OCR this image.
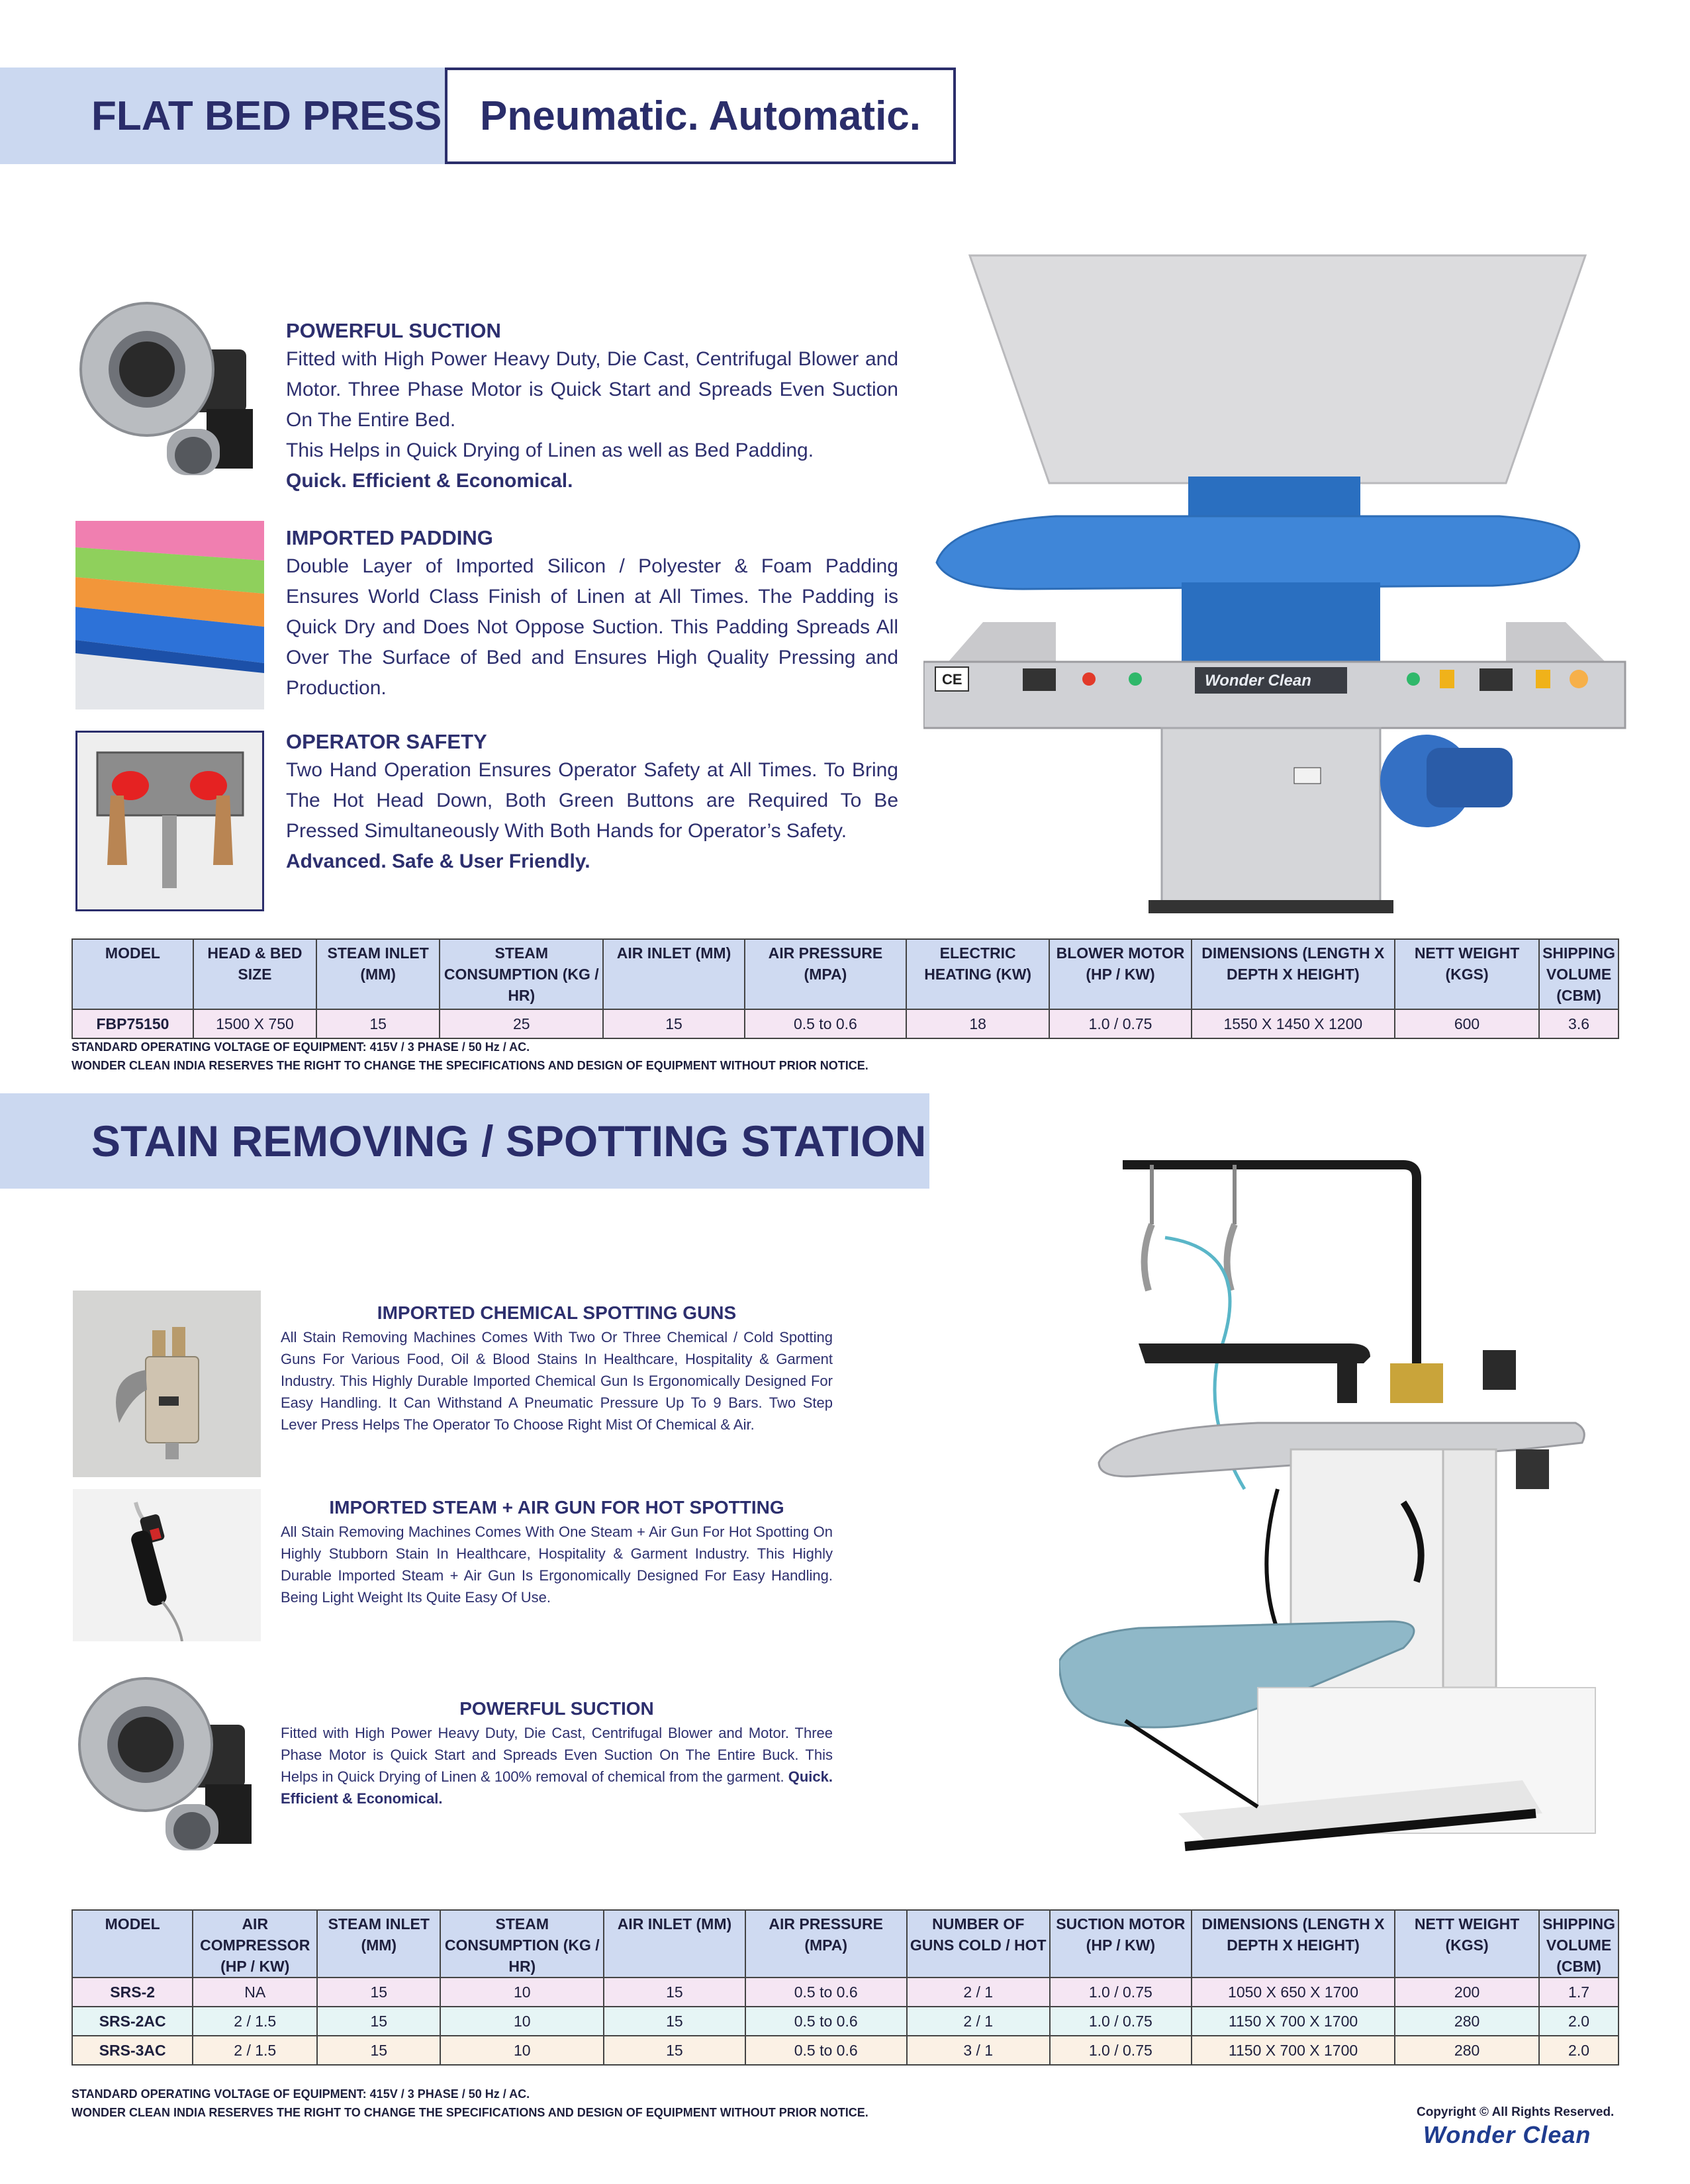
FLAT BED PRESS Pneumatic. Automatic.
POWERFUL SUCTION
Fitted with High Power Heavy Duty, Die Cast, Centrifugal Blower and Motor. Three Phase Motor is Quick Start and Spreads Even Suction On The Entire Bed.
This Helps in Quick Drying of Linen as well as Bed Padding.
Quick. Efficient & Economical.
IMPORTED PADDING
Double Layer of Imported Silicon / Polyester & Foam Padding Ensures World Class Finish of Linen at All Times. The Padding is Quick Dry and Does Not Oppose Suction. This Padding Spreads All Over The Surface of Bed and Ensures High Quality Pressing and Production.
OPERATOR SAFETY
Two Hand Operation Ensures Operator Safety at All Times. To Bring The Hot Head Down, Both Green Buttons are Required To Be Pressed Simultaneously With Both Hands for Operator’s Safety.
Advanced. Safe & User Friendly.
CE	Wonder Clean
MODEL	HEAD & BED SIZE	STEAM INLET (MM)	STEAM CONSUMPTION (KG / HR)	AIR INLET (MM)	AIR PRESSURE (MPA)	ELECTRIC HEATING (KW)	BLOWER MOTOR (HP / KW)	DIMENSIONS (LENGTH X DEPTH X HEIGHT)	NETT WEIGHT (KGS)	SHIPPING VOLUME (CBM)
FBP75150	1500 X 750	15	25	15	0.5 to 0.6	18	1.0 / 0.75	1550 X 1450 X 1200	600	3.6
STANDARD OPERATING VOLTAGE OF EQUIPMENT: 415V / 3 PHASE / 50 Hz / AC.
WONDER CLEAN INDIA RESERVES THE RIGHT TO CHANGE THE SPECIFICATIONS AND DESIGN OF EQUIPMENT WITHOUT PRIOR NOTICE.
STAIN REMOVING / SPOTTING STATION
IMPORTED CHEMICAL SPOTTING GUNS
All Stain Removing Machines Comes With Two Or Three Chemical / Cold Spotting Guns For Various Food, Oil & Blood Stains In Healthcare, Hospitality & Garment Industry. This Highly Durable Imported Chemical Gun Is Ergonomically Designed For Easy Handling. It Can Withstand A Pneumatic Pressure Up To 9 Bars. Two Step Lever Press Helps The Operator To Choose Right Mist Of Chemical & Air.
IMPORTED STEAM + AIR GUN FOR HOT SPOTTING
All Stain Removing Machines Comes With One Steam + Air Gun For Hot Spotting On Highly Stubborn Stain In Healthcare, Hospitality & Garment Industry. This Highly Durable Imported Steam + Air Gun Is Ergonomically Designed For Easy Handling. Being Light Weight Its Quite Easy Of Use.
POWERFUL SUCTION
Fitted with High Power Heavy Duty, Die Cast, Centrifugal Blower and Motor. Three Phase Motor is Quick Start and Spreads Even Suction On The Entire Buck. This Helps in Quick Drying of Linen & 100% removal of chemical from the garment. Quick. Efficient & Economical.
MODEL	AIR COMPRESSOR (HP / KW)	STEAM INLET (MM)	STEAM CONSUMPTION (KG / HR)	AIR INLET (MM)	AIR PRESSURE (MPA)	NUMBER OF GUNS COLD / HOT	SUCTION MOTOR (HP / KW)	DIMENSIONS (LENGTH X DEPTH X HEIGHT)	NETT WEIGHT (KGS)	SHIPPING VOLUME (CBM)
SRS-2	NA	15	10	15	0.5 to 0.6	2 / 1	1.0 / 0.75	1050 X 650 X 1700	200	1.7
SRS-2AC	2 / 1.5	15	10	15	0.5 to 0.6	2 / 1	1.0 / 0.75	1150 X 700 X 1700	280	2.0
SRS-3AC	2 / 1.5	15	10	15	0.5 to 0.6	3 / 1	1.0 / 0.75	1150 X 700 X 1700	280	2.0
STANDARD OPERATING VOLTAGE OF EQUIPMENT: 415V / 3 PHASE / 50 Hz / AC.
WONDER CLEAN INDIA RESERVES THE RIGHT TO CHANGE THE SPECIFICATIONS AND DESIGN OF EQUIPMENT WITHOUT PRIOR NOTICE.	Copyright © All Rights Reserved.
Wonder Clean
